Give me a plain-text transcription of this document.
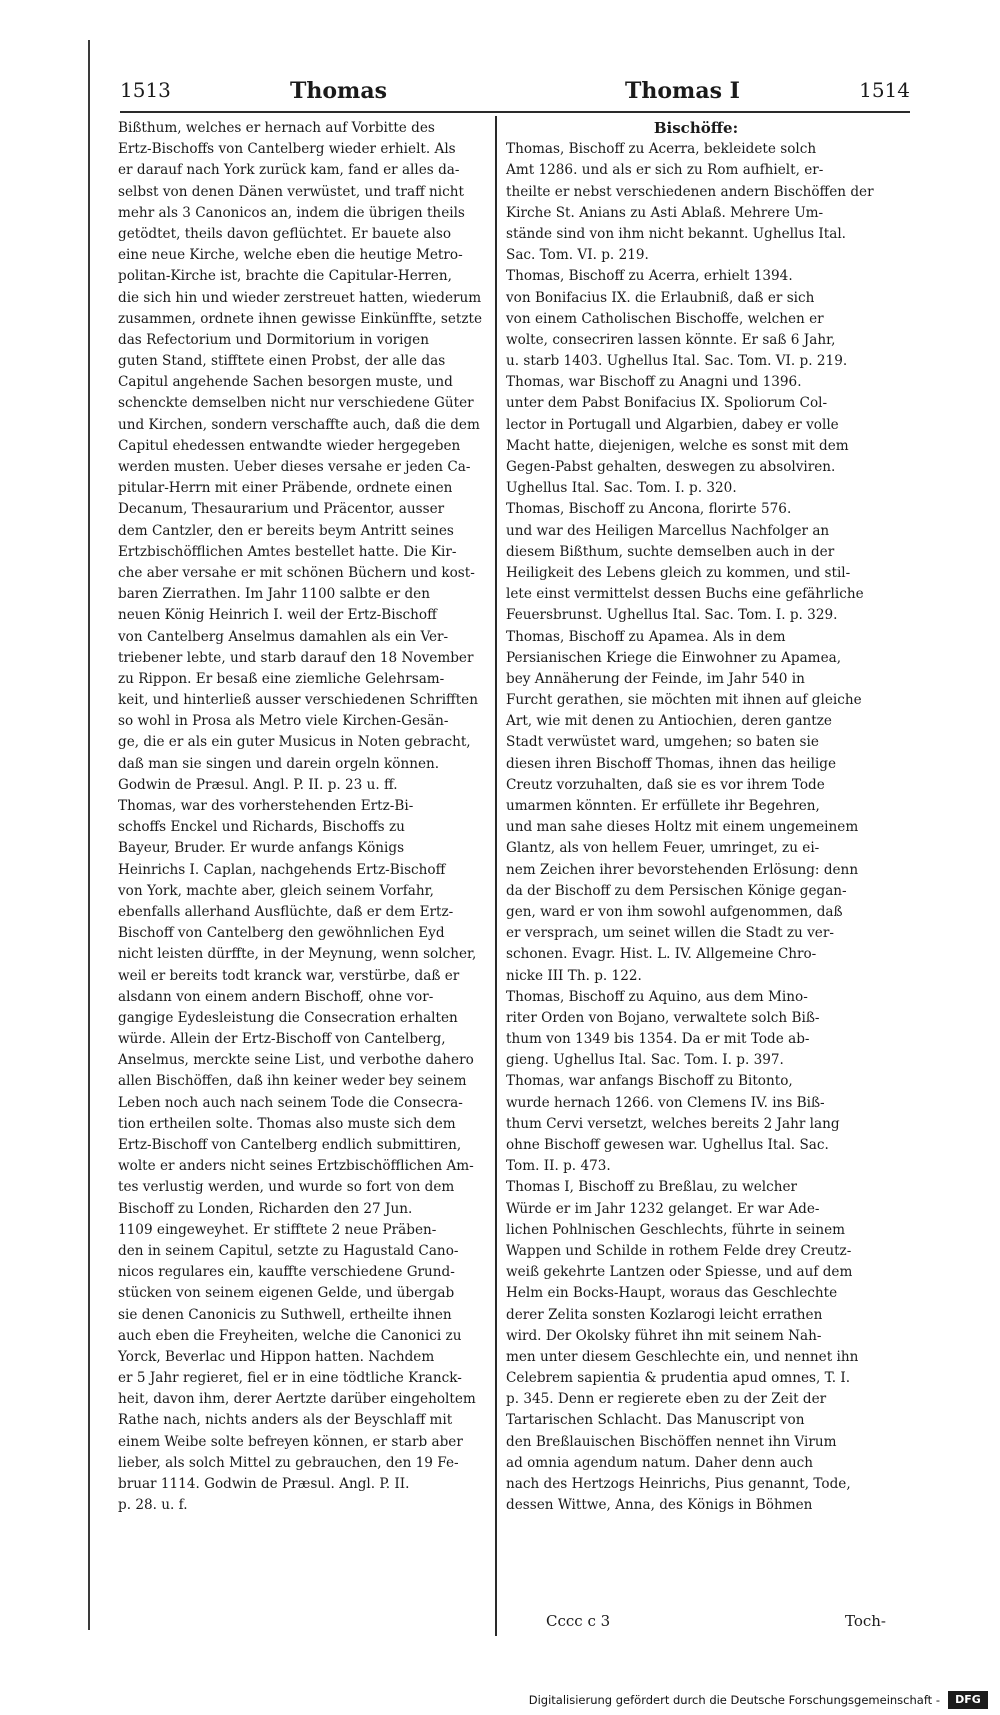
1513	Thomas	Thomas I	1514
Bißthum, welches er hernach auf Vorbitte des
Ertz-Bischoffs von Cantelberg wieder erhielt. Als
er darauf nach York zurück kam, fand er alles da-
selbst von denen Dänen verwüstet, und traff nicht
mehr als 3 Canonicos an, indem die übrigen theils
getödtet, theils davon geflüchtet. Er bauete also
eine neue Kirche, welche eben die heutige Metro-
politan-Kirche ist, brachte die Capitular-Herren,
die sich hin und wieder zerstreuet hatten, wiederum
zusammen, ordnete ihnen gewisse Einkünffte, setzte
das Refectorium und Dormitorium in vorigen
guten Stand, stifftete einen Probst, der alle das
Capitul angehende Sachen besorgen muste, und
schenckte demselben nicht nur verschiedene Güter
und Kirchen, sondern verschaffte auch, daß die dem
Capitul ehedessen entwandte wieder hergegeben
werden musten. Ueber dieses versahe er jeden Ca-
pitular-Herrn mit einer Präbende, ordnete einen
Decanum, Thesaurarium und Präcentor, ausser
dem Cantzler, den er bereits beym Antritt seines
Ertzbischöfflichen Amtes bestellet hatte. Die Kir-
che aber versahe er mit schönen Büchern und kost-
baren Zierrathen. Im Jahr 1100 salbte er den
neuen König Heinrich I. weil der Ertz-Bischoff
von Cantelberg Anselmus damahlen als ein Ver-
triebener lebte, und starb darauf den 18 November
zu Rippon. Er besaß eine ziemliche Gelehrsam-
keit, und hinterließ ausser verschiedenen Schrifften
so wohl in Prosa als Metro viele Kirchen-Gesän-
ge, die er als ein guter Musicus in Noten gebracht,
daß man sie singen und darein orgeln können.
Godwin de Præsul. Angl. P. II. p. 23 u. ff.
Thomas, war des vorherstehenden Ertz-Bi-
schoffs Enckel und Richards, Bischoffs zu
Bayeur, Bruder. Er wurde anfangs Königs
Heinrichs I. Caplan, nachgehends Ertz-Bischoff
von York, machte aber, gleich seinem Vorfahr,
ebenfalls allerhand Ausflüchte, daß er dem Ertz-
Bischoff von Cantelberg den gewöhnlichen Eyd
nicht leisten dürffte, in der Meynung, wenn solcher,
weil er bereits todt kranck war, verstürbe, daß er
alsdann von einem andern Bischoff, ohne vor-
gangige Eydesleistung die Consecration erhalten
würde. Allein der Ertz-Bischoff von Cantelberg,
Anselmus, merckte seine List, und verbothe dahero
allen Bischöffen, daß ihn keiner weder bey seinem
Leben noch auch nach seinem Tode die Consecra-
tion ertheilen solte. Thomas also muste sich dem
Ertz-Bischoff von Cantelberg endlich submittiren,
wolte er anders nicht seines Ertzbischöfflichen Am-
tes verlustig werden, und wurde so fort von dem
Bischoff zu Londen, Richarden den 27 Jun.
1109 eingeweyhet. Er stifftete 2 neue Präben-
den in seinem Capitul, setzte zu Hagustald Cano-
nicos regulares ein, kauffte verschiedene Grund-
stücken von seinem eigenen Gelde, und übergab
sie denen Canonicis zu Suthwell, ertheilte ihnen
auch eben die Freyheiten, welche die Canonici zu
Yorck, Beverlac und Hippon hatten. Nachdem
er 5 Jahr regieret, fiel er in eine tödtliche Kranck-
heit, davon ihm, derer Aertzte darüber eingeholtem
Rathe nach, nichts anders als der Beyschlaff mit
einem Weibe solte befreyen können, er starb aber
lieber, als solch Mittel zu gebrauchen, den 19 Fe-
bruar 1114. Godwin de Præsul. Angl. P. II.
p. 28. u. f.
Bischöffe:
Thomas, Bischoff zu Acerra, bekleidete solch
Amt 1286. und als er sich zu Rom aufhielt, er-
theilte er nebst verschiedenen andern Bischöffen der
Kirche St. Anians zu Asti Ablaß. Mehrere Um-
stände sind von ihm nicht bekannt. Ughellus Ital.
Sac. Tom. VI. p. 219.
Thomas, Bischoff zu Acerra, erhielt 1394.
von Bonifacius IX. die Erlaubniß, daß er sich
von einem Catholischen Bischoffe, welchen er
wolte, consecriren lassen könnte. Er saß 6 Jahr,
u. starb 1403. Ughellus Ital. Sac. Tom. VI. p. 219.
Thomas, war Bischoff zu Anagni und 1396.
unter dem Pabst Bonifacius IX. Spoliorum Col-
lector in Portugall und Algarbien, dabey er volle
Macht hatte, diejenigen, welche es sonst mit dem
Gegen-Pabst gehalten, deswegen zu absolviren.
Ughellus Ital. Sac. Tom. I. p. 320.
Thomas, Bischoff zu Ancona, florirte 576.
und war des Heiligen Marcellus Nachfolger an
diesem Bißthum, suchte demselben auch in der
Heiligkeit des Lebens gleich zu kommen, und stil-
lete einst vermittelst dessen Buchs eine gefährliche
Feuersbrunst. Ughellus Ital. Sac. Tom. I. p. 329.
Thomas, Bischoff zu Apamea. Als in dem
Persianischen Kriege die Einwohner zu Apamea,
bey Annäherung der Feinde, im Jahr 540 in
Furcht gerathen, sie möchten mit ihnen auf gleiche
Art, wie mit denen zu Antiochien, deren gantze
Stadt verwüstet ward, umgehen; so baten sie
diesen ihren Bischoff Thomas, ihnen das heilige
Creutz vorzuhalten, daß sie es vor ihrem Tode
umarmen könnten. Er erfüllete ihr Begehren,
und man sahe dieses Holtz mit einem ungemeinem
Glantz, als von hellem Feuer, umringet, zu ei-
nem Zeichen ihrer bevorstehenden Erlösung: denn
da der Bischoff zu dem Persischen Könige gegan-
gen, ward er von ihm sowohl aufgenommen, daß
er versprach, um seinet willen die Stadt zu ver-
schonen. Evagr. Hist. L. IV. Allgemeine Chro-
nicke III Th. p. 122.
Thomas, Bischoff zu Aquino, aus dem Mino-
riter Orden von Bojano, verwaltete solch Biß-
thum von 1349 bis 1354. Da er mit Tode ab-
gieng. Ughellus Ital. Sac. Tom. I. p. 397.
Thomas, war anfangs Bischoff zu Bitonto,
wurde hernach 1266. von Clemens IV. ins Biß-
thum Cervi versetzt, welches bereits 2 Jahr lang
ohne Bischoff gewesen war. Ughellus Ital. Sac.
Tom. II. p. 473.
Thomas I, Bischoff zu Breßlau, zu welcher
Würde er im Jahr 1232 gelanget. Er war Ade-
lichen Pohlnischen Geschlechts, führte in seinem
Wappen und Schilde in rothem Felde drey Creutz-
weiß gekehrte Lantzen oder Spiesse, und auf dem
Helm ein Bocks-Haupt, woraus das Geschlechte
derer Zelita sonsten Kozlarogi leicht errathen
wird. Der Okolsky führet ihn mit seinem Nah-
men unter diesem Geschlechte ein, und nennet ihn
Celebrem sapientia & prudentia apud omnes, T. I.
p. 345. Denn er regierete eben zu der Zeit der
Tartarischen Schlacht. Das Manuscript von
den Breßlauischen Bischöffen nennet ihn Virum
ad omnia agendum natum. Daher denn auch
nach des Hertzogs Heinrichs, Pius genannt, Tode,
dessen Wittwe, Anna, des Königs in Böhmen
Cccc c 3	Toch-
Digitalisierung gefördert durch die Deutsche Forschungsgemeinschaft -	DFG
